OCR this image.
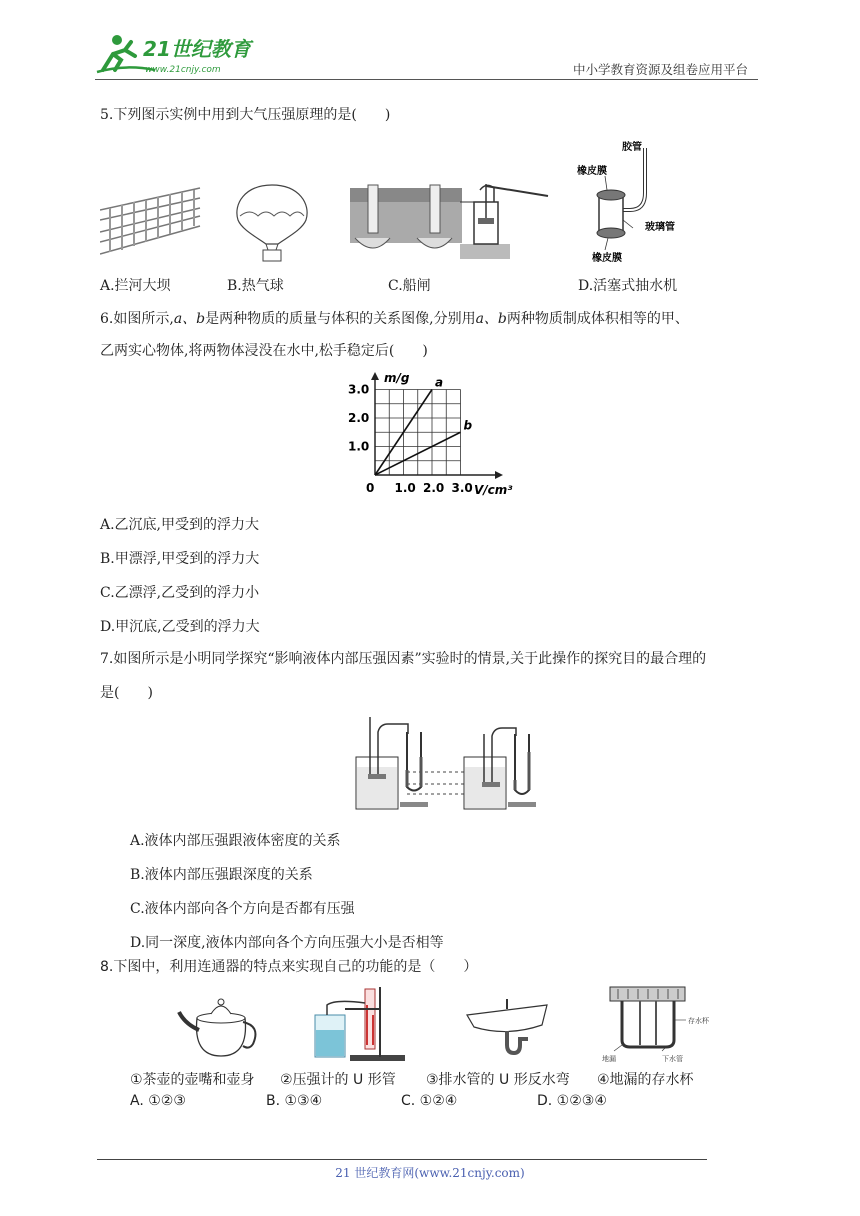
21世纪教育
www.21cnjy.com	中小学教育资源及组卷应用平台
5.下列图示实例中用到大气压强原理的是(　　)
胶管
橡皮膜
玻璃管
橡皮膜
A.拦河大坝	B.热气球	C.船闸	D.活塞式抽水机
6.如图所示,a、b是两种物质的质量与体积的关系图像,分别用a、b两种物质制成体积相等的甲、
乙两实心物体,将两物体浸没在水中,松手稳定后(　　)
a
b
m/g
V/cm³
0 1.0 2.0 3.0
1.0
2.0
3.0
A.乙沉底,甲受到的浮力大
B.甲漂浮,甲受到的浮力大
C.乙漂浮,乙受到的浮力小
D.甲沉底,乙受到的浮力大
7.如图所示是小明同学探究“影响液体内部压强因素”实验时的情景,关于此操作的探究目的最合理的
是(　　)
A.液体内部压强跟液体密度的关系
B.液体内部压强跟深度的关系
C.液体内部向各个方向是否都有压强
D.同一深度,液体内部向各个方向压强大小是否相等
8.下图中，利用连通器的特点来实现自己的功能的是（　　）
存水杯
下水管
地漏
①茶壶的壶嘴和壶身 ②压强计的 U 形管 ③排水管的 U 形反水弯 ④地漏的存水杯
A. ①②③	B. ①③④	C. ①②④	D. ①②③④
21 世纪教育网(www.21cnjy.com)
